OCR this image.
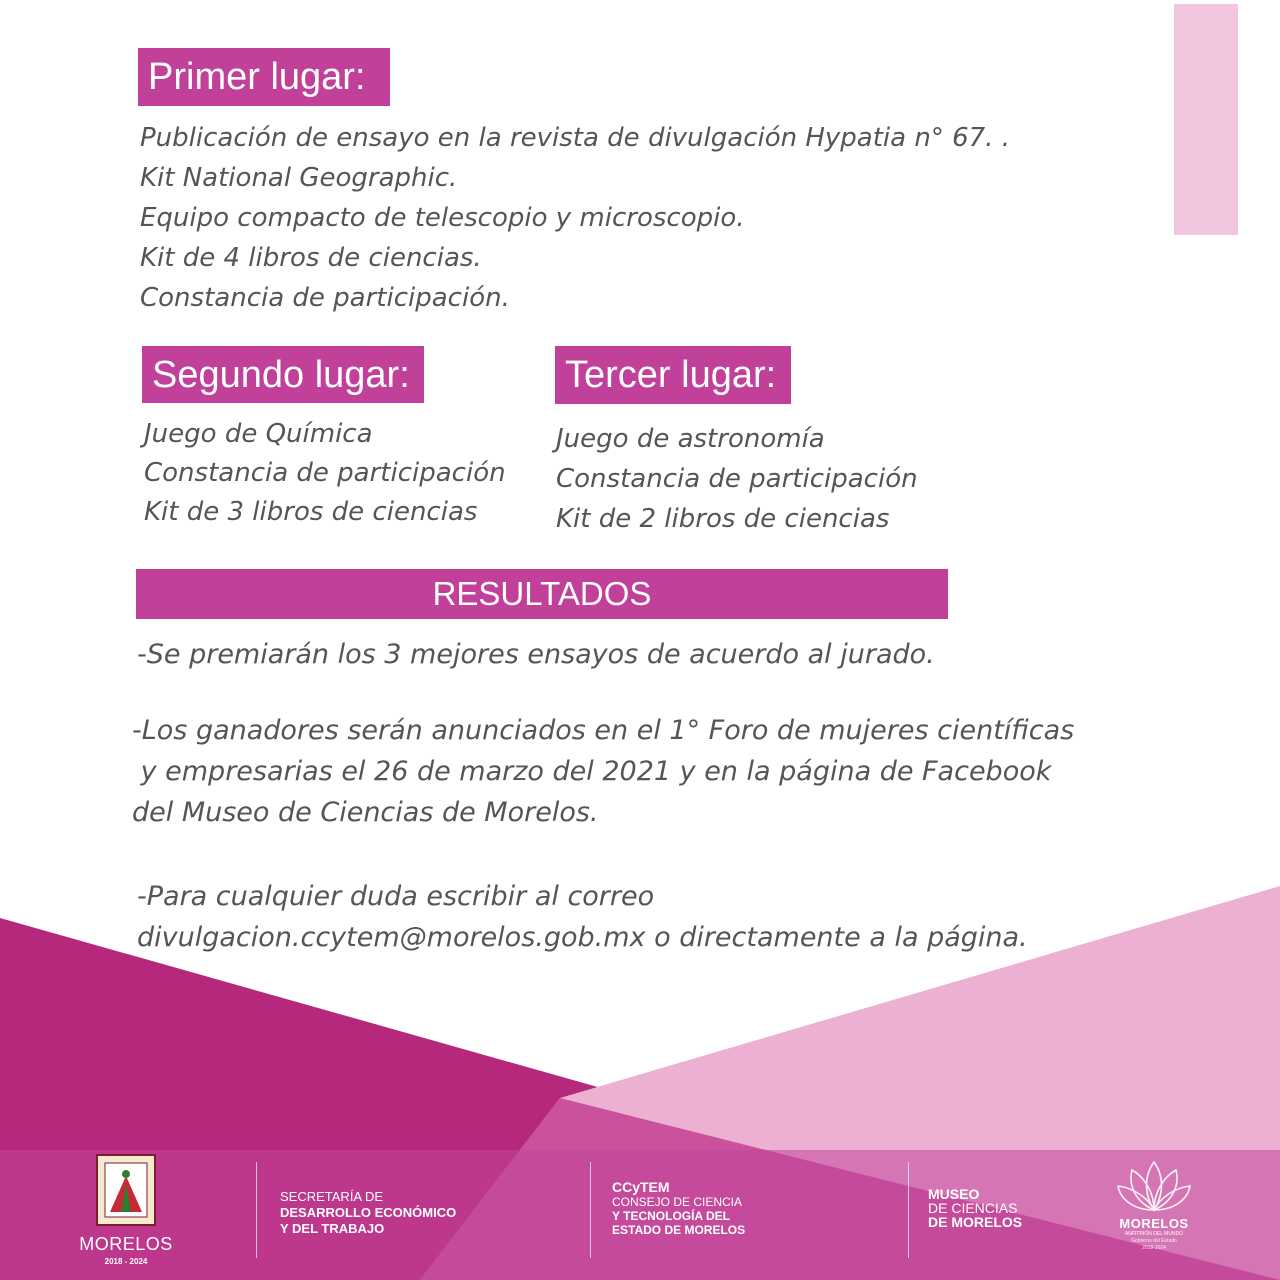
Primer lugar:
Publicación de ensayo en la revista de divulgación Hypatia n° 67. .
Kit National Geographic.
Equipo compacto de telescopio y microscopio.
Kit de 4 libros de ciencias.
Constancia de participación.
Segundo lugar:
Juego de Química
Constancia de participación
Kit de 3 libros de ciencias
Tercer lugar:
Juego de astronomía
Constancia de participación
Kit de 2 libros de ciencias
RESULTADOS

-Se premiarán los 3 mejores ensayos de acuerdo al jurado.

-Los ganadores serán anunciados en el 1° Foro de mujeres científicas
y empresarias el 26 de marzo del 2021 y en la página de Facebook
del Museo de Ciencias de Morelos.
-Para cualquier duda escribir al correo
divulgacion.ccytem@morelos.gob.mx o directamente a la página.
MORELOS
2018 - 2024
SECRETARÍA DE
DESARROLLO ECONÓMICO
Y DEL TRABAJO
CCyTEM
CONSEJO DE CIENCIA
Y TECNOLOGÍA DEL
ESTADO DE MORELOS
MUSEO
DE CIENCIAS
DE MORELOS	MORELOS
ANFITRIÓN DEL MUNDO
Gobierno del Estado
2018-2024
